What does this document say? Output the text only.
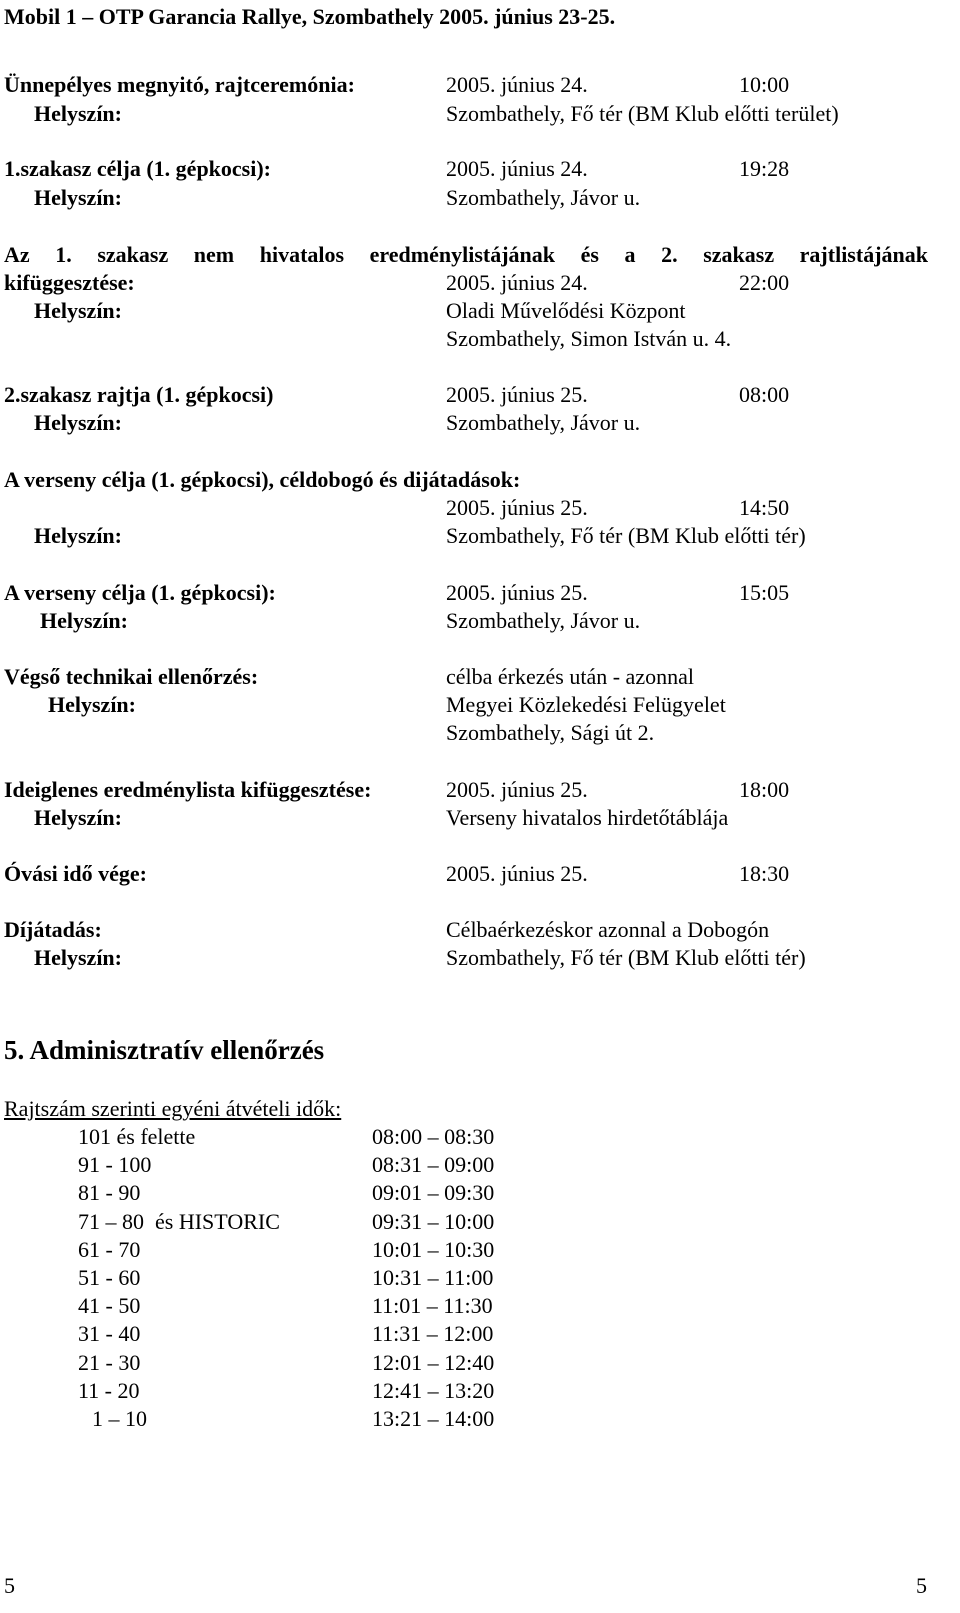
Mobil 1 – OTP Garancia Rallye, Szombathely 2005. június 23-25.
Ünnepélyes megnyitó, rajtceremónia:	2005. június 24.	10:00
Helyszín:	Szombathely, Fő tér (BM Klub előtti terület)
1.szakasz célja (1. gépkocsi):	2005. június 24.	19:28
Helyszín:	Szombathely, Jávor u.
Az 1. szakasz nem hivatalos eredménylistájának és a 2. szakasz rajtlistájának
kifüggesztése:	2005. június 24.	22:00
Helyszín:	Oladi Művelődési Központ
Szombathely, Simon István u. 4.
2.szakasz rajtja (1. gépkocsi)	2005. június 25.	08:00
Helyszín:	Szombathely, Jávor u.
A verseny célja (1. gépkocsi), céldobogó és dijátadások:
2005. június 25.	14:50
Helyszín:	Szombathely, Fő tér (BM Klub előtti tér)
A verseny célja (1. gépkocsi):	2005. június 25.	15:05
Helyszín:	Szombathely, Jávor u.
Végső technikai ellenőrzés:	célba érkezés után - azonnal
Helyszín:	Megyei Közlekedési Felügyelet
Szombathely, Sági út 2.
Ideiglenes eredménylista kifüggesztése:	2005. június 25.	18:00
Helyszín:	Verseny hivatalos hirdetőtáblája
Óvási idő vége:	2005. június 25.	18:30
Díjátadás:	Célbaérkezéskor azonnal a Dobogón
Helyszín:	Szombathely, Fő tér (BM Klub előtti tér)
5. Adminisztratív ellenőrzés
Rajtszám szerinti egyéni átvételi idők:
101 és felette	08:00 – 08:30
91 - 100	08:31 – 09:00
81 - 90	09:01 – 09:30
71 – 80  és HISTORIC	09:31 – 10:00
61 - 70	10:01 – 10:30
51 - 60	10:31 – 11:00
41 - 50	11:01 – 11:30
31 - 40	11:31 – 12:00
21 - 30	12:01 – 12:40
11 - 20	12:41 – 13:20
1 – 10	13:21 – 14:00
5	5
